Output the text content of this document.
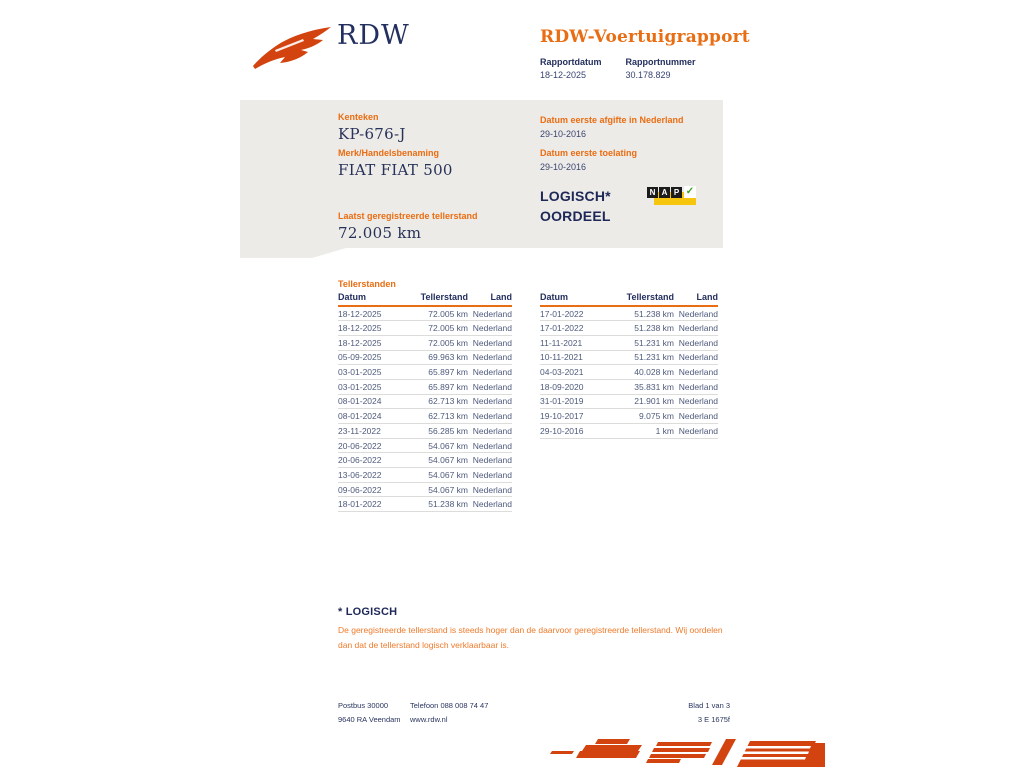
RDW	RDW-Voertuigrapport
Rapportdatum
18-12-2025
Rapportnummer
30.178.829
Kenteken
KP-676-J
Merk/Handelsbenaming
FIAT FIAT 500
Laatst geregistreerde tellerstand
72.005 km
Datum eerste afgifte in Nederland
29-10-2016
Datum eerste toelating
29-10-2016
LOGISCH*
OORDEEL
N A P ✓
Tellerstanden
Datum	Tellerstand	Land
18-12-2025	72.005 km	Nederland
18-12-2025	72.005 km	Nederland
18-12-2025	72.005 km	Nederland
05-09-2025	69.963 km	Nederland
03-01-2025	65.897 km	Nederland
03-01-2025	65.897 km	Nederland
08-01-2024	62.713 km	Nederland
08-01-2024	62.713 km	Nederland
23-11-2022	56.285 km	Nederland
20-06-2022	54.067 km	Nederland
20-06-2022	54.067 km	Nederland
13-06-2022	54.067 km	Nederland
09-06-2022	54.067 km	Nederland
18-01-2022	51.238 km	Nederland
Datum	Tellerstand	Land
17-01-2022	51.238 km	Nederland
17-01-2022	51.238 km	Nederland
11-11-2021	51.231 km	Nederland
10-11-2021	51.231 km	Nederland
04-03-2021	40.028 km	Nederland
18-09-2020	35.831 km	Nederland
31-01-2019	21.901 km	Nederland
19-10-2017	9.075 km	Nederland
29-10-2016	1 km	Nederland
* LOGISCH
De geregistreerde tellerstand is steeds hoger dan de daarvoor geregistreerde tellerstand. Wij oordelen dan dat de tellerstand logisch verklaarbaar is.
Postbus 30000
9640 RA Veendam
Telefoon 088 008 74 47
www.rdw.nl
Blad 1 van 3
3 E 1675f
